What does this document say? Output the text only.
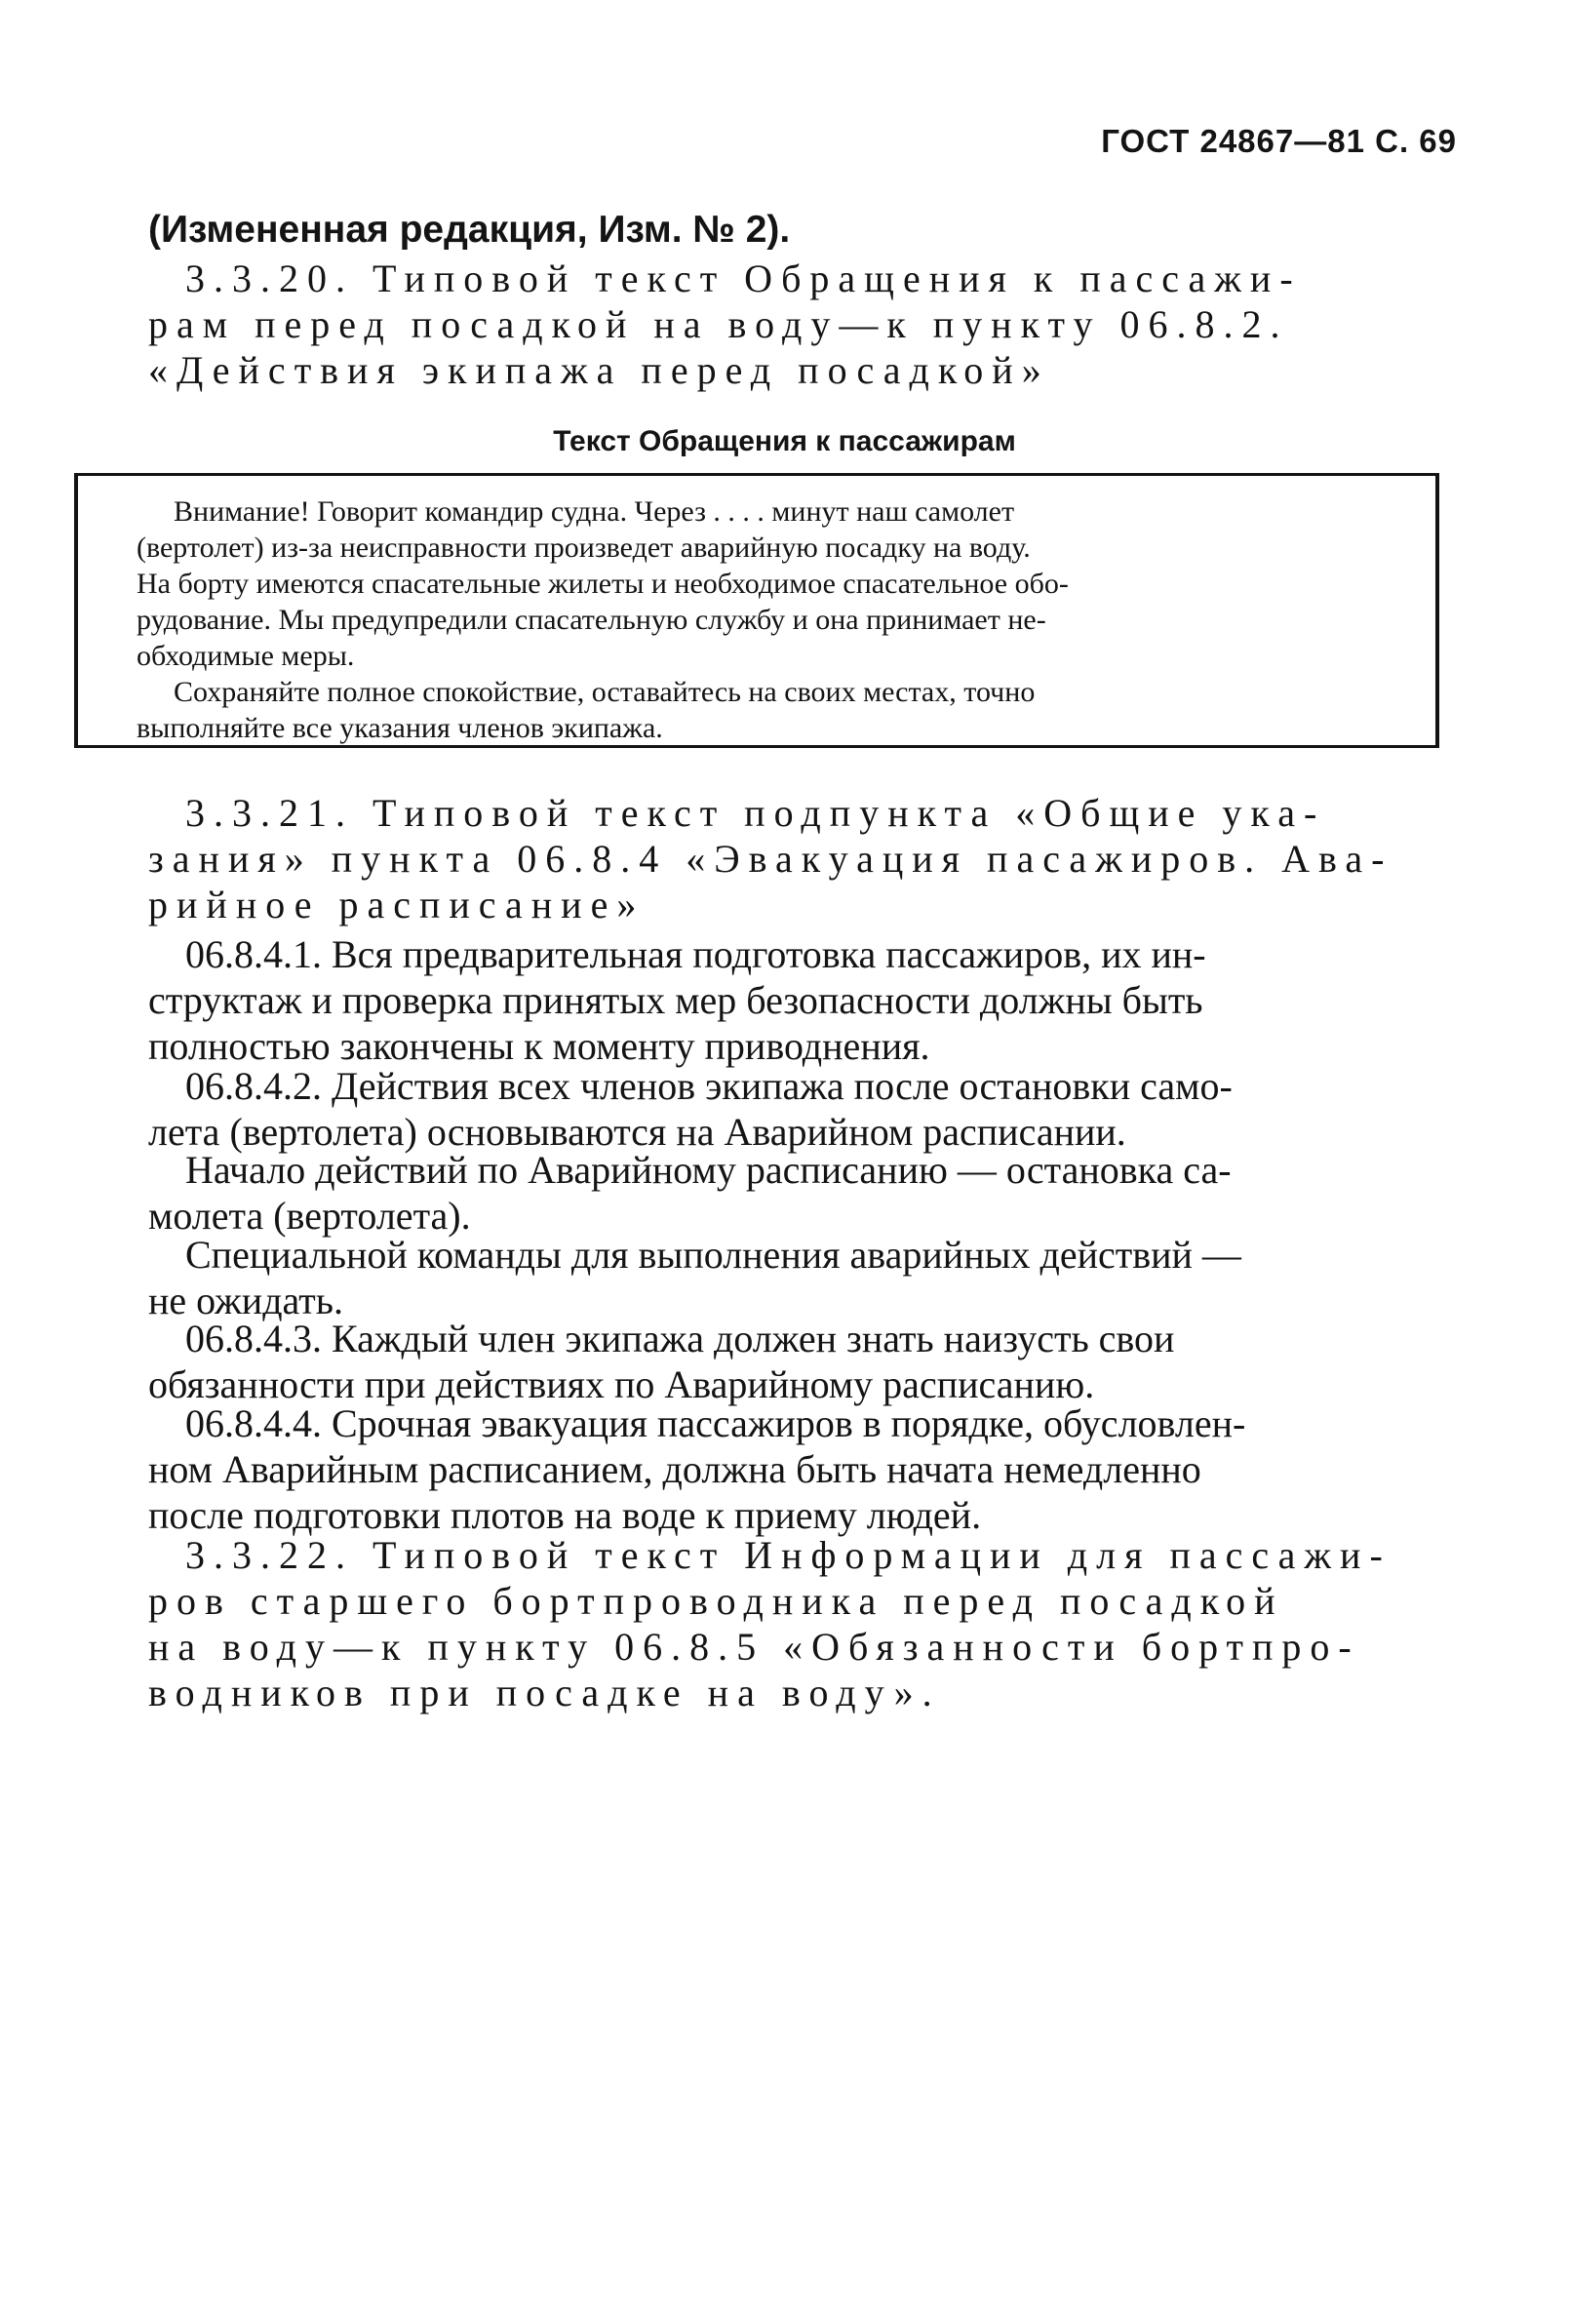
ГОСТ 24867—81 С. 69
(Измененная редакция, Изм. № 2).
3.3.20. Типовой текст Обращения к пассажи-
рам перед посадкой на воду—к пункту 06.8.2.
«Действия экипажа перед посадкой»
Текст Обращения к пассажирам
Внимание! Говорит командир судна. Через . . . . минут наш самолет
(вертолет) из-за неисправности произведет аварийную посадку на воду.
На борту имеются спасательные жилеты и необходимое спасательное обо-
рудование. Мы предупредили спасательную службу и она принимает не-
обходимые меры.
Сохраняйте полное спокойствие, оставайтесь на своих местах, точно
выполняйте все указания членов экипажа.
3.3.21. Типовой текст подпункта «Общие ука-
зания» пункта 06.8.4 «Эвакуация пасажиров. Ава-
рийное расписание»
06.8.4.1. Вся предварительная подготовка пассажиров, их ин-
структаж и проверка принятых мер безопасности должны быть
полностью закончены к моменту приводнения.
06.8.4.2. Действия всех членов экипажа после остановки само-
лета (вертолета) основываются на Аварийном расписании.
Начало действий по Аварийному расписанию — остановка са-
молета (вертолета).
Специальной команды для выполнения аварийных действий —
не ожидать.
06.8.4.3. Каждый член экипажа должен знать наизусть свои
обязанности при действиях по Аварийному расписанию.
06.8.4.4. Срочная эвакуация пассажиров в порядке, обусловлен-
ном Аварийным расписанием, должна быть начата немедленно
после подготовки плотов на воде к приему людей.
3.3.22. Типовой текст Информации для пассажи-
ров старшего бортпроводника перед посадкой
на воду—к пункту 06.8.5 «Обязанности бортпро-
водников при посадке на воду».
